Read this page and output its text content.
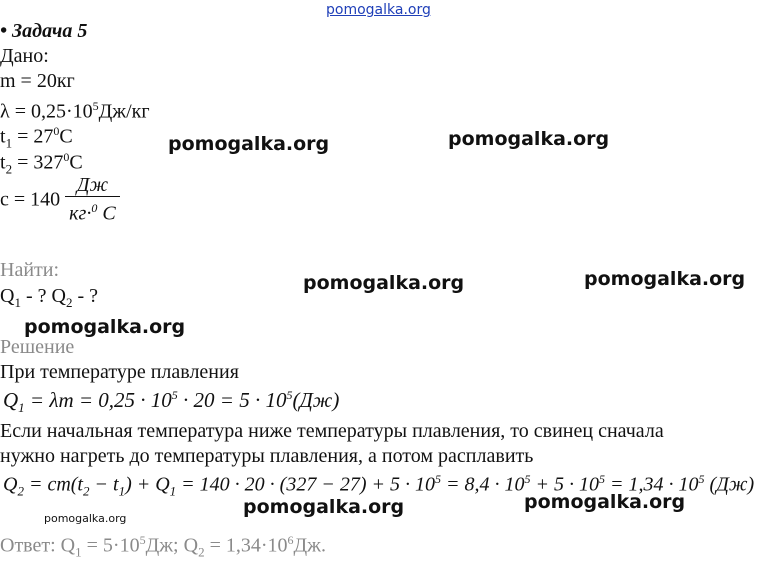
pomogalka.org
pomogalka.org	pomogalka.org
pomogalka.org	pomogalka.org
pomogalka.org
pomogalka.org	pomogalka.org
pomogalka.org
• Задача 5
Дано:
m = 20кг
$\lambda = 0,25\cdot 10^5Дж/кг$
$t_1 = 27^0C$
$t_2 = 327^0C$
$c = 140 \frac{Дж}{кг\cdot^0 C}$
Найти:
$Q_1$ - ? $Q_2$ - ?
Решение
При температуре плавления
$Q_1 = \lambda m = 0,25 \cdot 10^5 \cdot 20 = 5 \cdot 10^5(Дж)$
Если начальная температура ниже температуры плавления, то свинец сначала
нужно нагреть до температуры плавления, а потом расплавить
$Q_2 = cm(t_2 - t_1) + Q_1 = 140 \cdot 20 \cdot (327 - 27) + 5 \cdot 10^5 = 8,4 \cdot 10^5 + 5 \cdot 10^5 = 1,34 \cdot 10^5$ (Дж)
Ответ: $Q_1 = 5\cdot 10^5Дж$; $Q_2 = 1,34\cdot 10^6Дж$.
